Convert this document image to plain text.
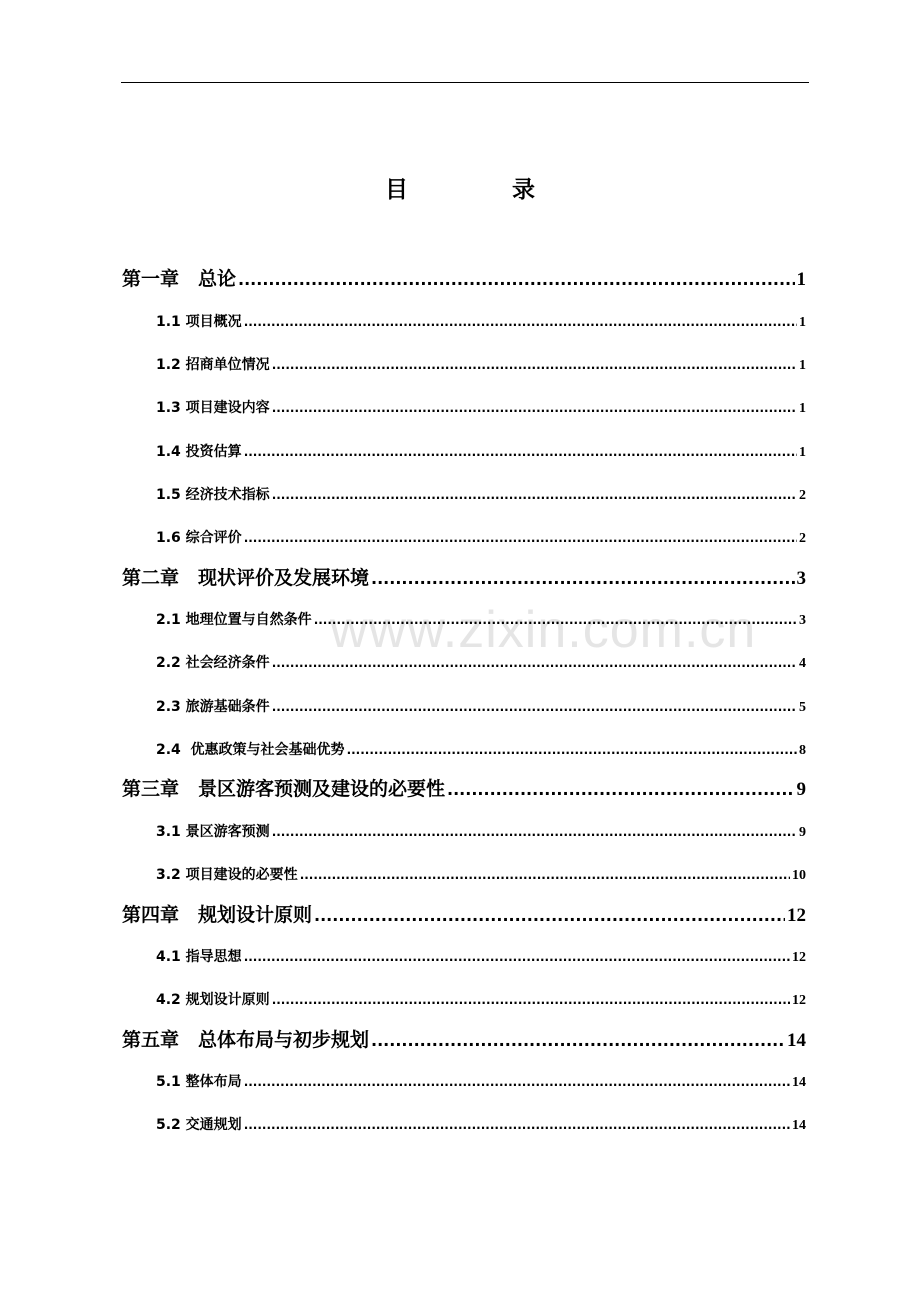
www.zixin.com.cn
目 录
第一章　总论 .....	1
1.1 项目概况 .....	1
1.2 招商单位情况 .....	1
1.3 项目建设内容 .....	1
1.4 投资估算 .....	1
1.5 经济技术指标 .....	2
1.6 综合评价 .....	2
第二章　现状评价及发展环境 .....	3
2.1 地理位置与自然条件 .....	3
2.2 社会经济条件 .....	4
2.3 旅游基础条件 .....	5
2.4  优惠政策与社会基础优势 .....	8
第三章　景区游客预测及建设的必要性 .....	9
3.1 景区游客预测 .....	9
3.2 项目建设的必要性 .....	10
第四章　规划设计原则 .....	12
4.1 指导思想 .....	12
4.2 规划设计原则 .....	12
第五章　总体布局与初步规划 .....	14
5.1 整体布局 .....	14
5.2 交通规划 .....	14
